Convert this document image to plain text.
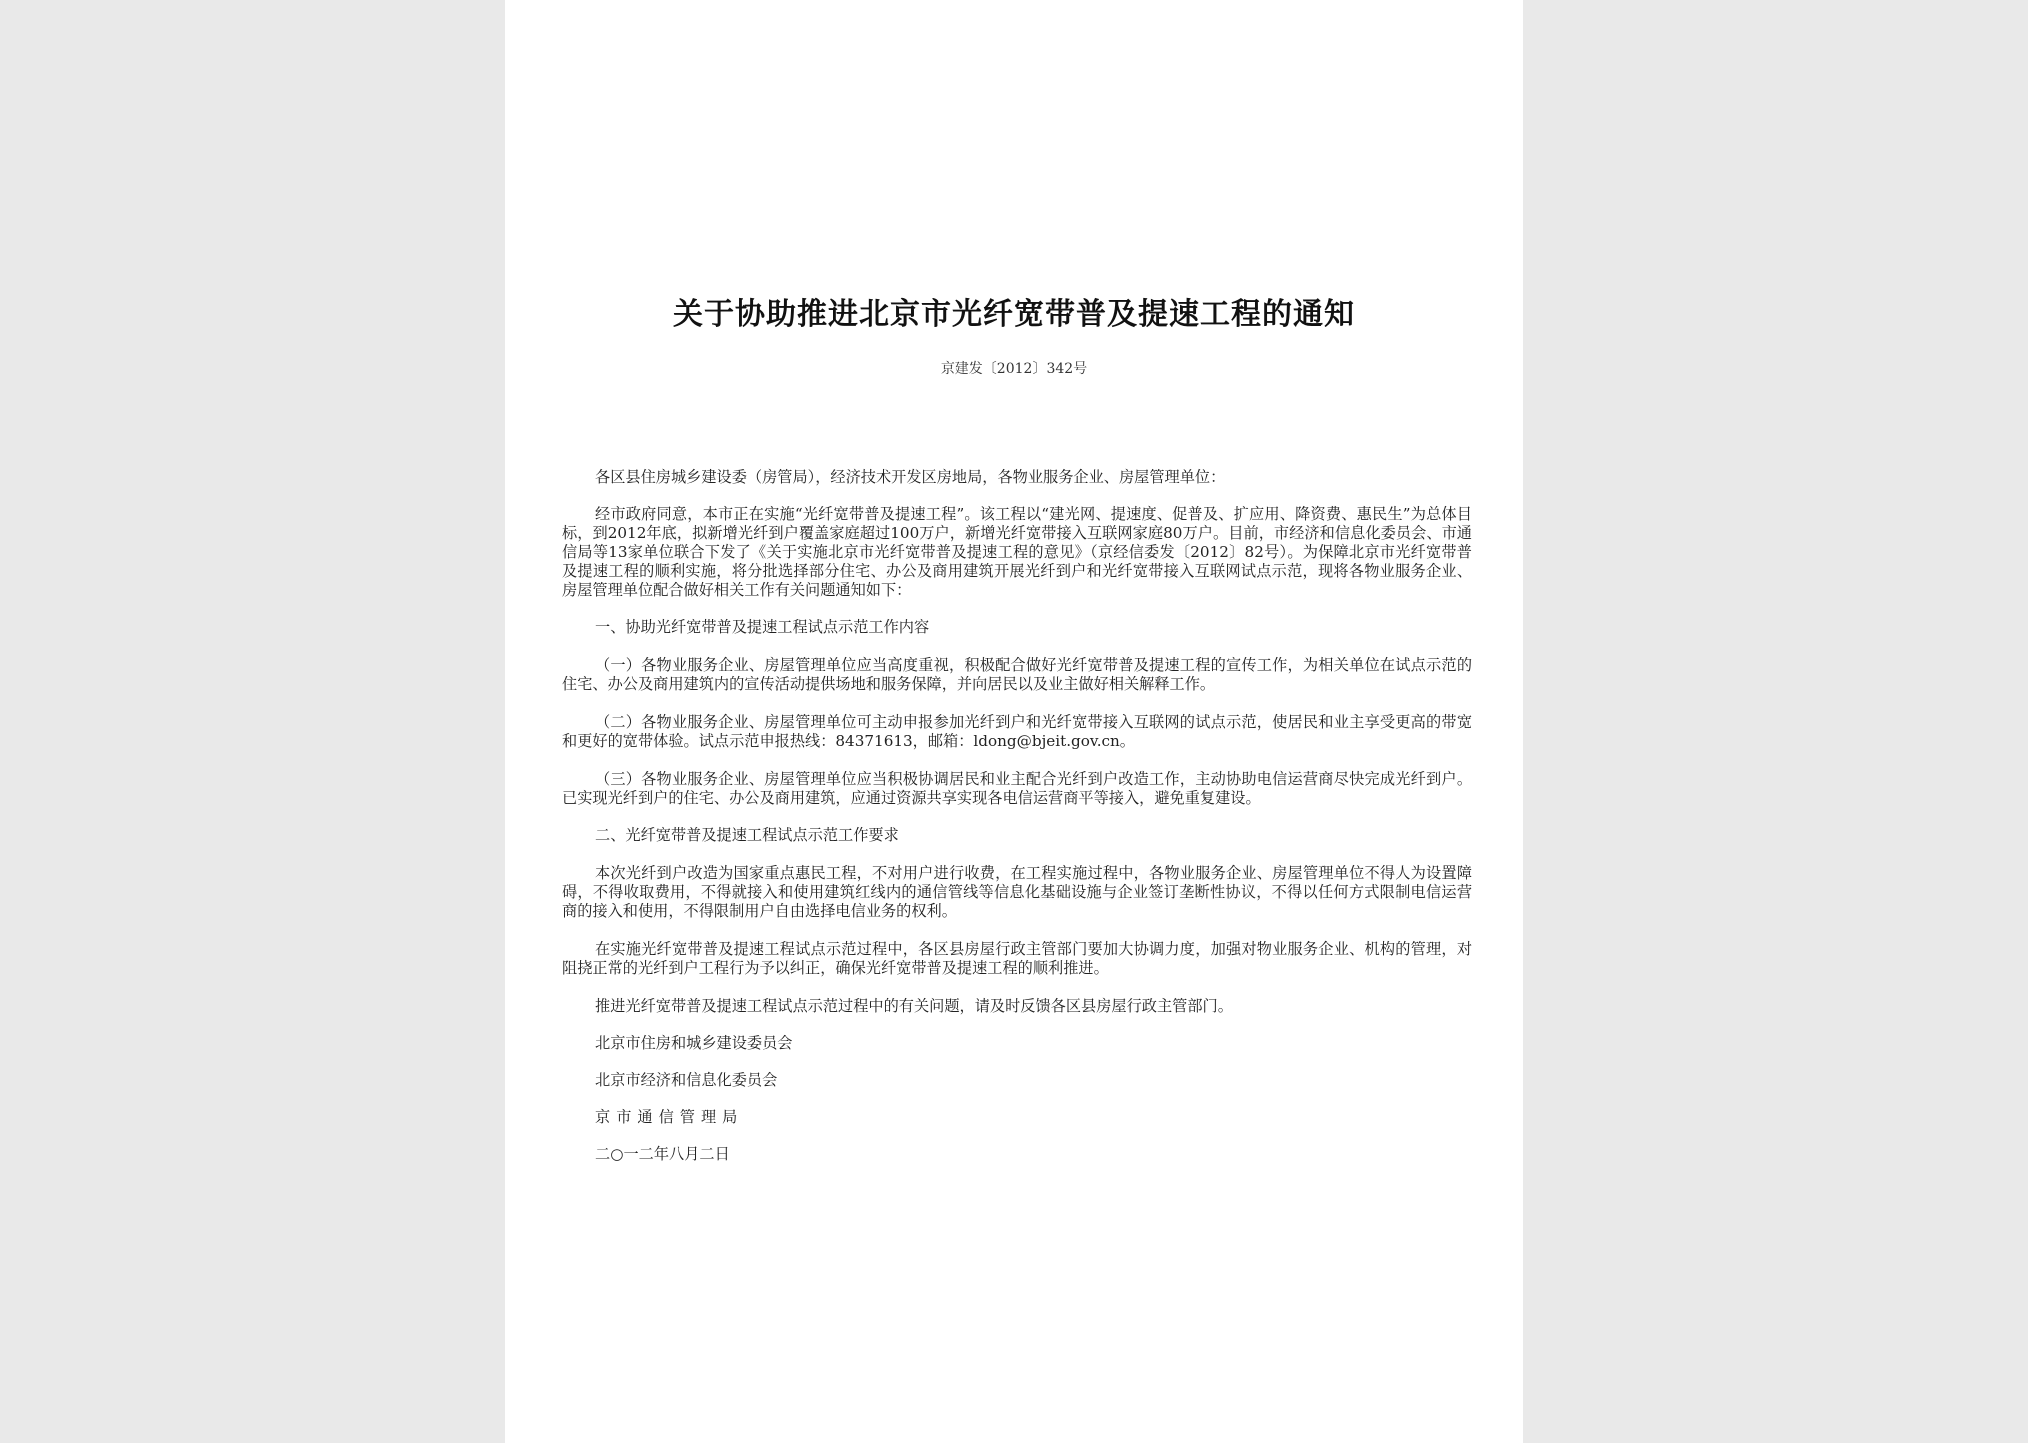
关于协助推进北京市光纤宽带普及提速工程的通知
京建发〔2012〕342号

各区县住房城乡建设委（房管局），经济技术开发区房地局，各物业服务企业、房屋管理单位：

经市政府同意，本市正在实施“光纤宽带普及提速工程”。该工程以“建光网、提速度、促普及、扩应用、降资费、惠民生”为总体目标，到2012年底，拟新增光纤到户覆盖家庭超过100万户，新增光纤宽带接入互联网家庭80万户。目前，市经济和信息化委员会、市通信局等13家单位联合下发了《关于实施北京市光纤宽带普及提速工程的意见》（京经信委发〔2012〕82号）。为保障北京市光纤宽带普及提速工程的顺利实施，将分批选择部分住宅、办公及商用建筑开展光纤到户和光纤宽带接入互联网试点示范，现将各物业服务企业、房屋管理单位配合做好相关工作有关问题通知如下：

一、协助光纤宽带普及提速工程试点示范工作内容

（一）各物业服务企业、房屋管理单位应当高度重视，积极配合做好光纤宽带普及提速工程的宣传工作，为相关单位在试点示范的住宅、办公及商用建筑内的宣传活动提供场地和服务保障，并向居民以及业主做好相关解释工作。

（二）各物业服务企业、房屋管理单位可主动申报参加光纤到户和光纤宽带接入互联网的试点示范，使居民和业主享受更高的带宽和更好的宽带体验。试点示范申报热线：84371613，邮箱：ldong@bjeit.gov.cn。

（三）各物业服务企业、房屋管理单位应当积极协调居民和业主配合光纤到户改造工作，主动协助电信运营商尽快完成光纤到户。已实现光纤到户的住宅、办公及商用建筑，应通过资源共享实现各电信运营商平等接入，避免重复建设。

二、光纤宽带普及提速工程试点示范工作要求

本次光纤到户改造为国家重点惠民工程，不对用户进行收费，在工程实施过程中，各物业服务企业、房屋管理单位不得人为设置障碍，不得收取费用，不得就接入和使用建筑红线内的通信管线等信息化基础设施与企业签订垄断性协议，不得以任何方式限制电信运营商的接入和使用，不得限制用户自由选择电信业务的权利。

在实施光纤宽带普及提速工程试点示范过程中，各区县房屋行政主管部门要加大协调力度，加强对物业服务企业、机构的管理，对阻挠正常的光纤到户工程行为予以纠正，确保光纤宽带普及提速工程的顺利推进。

推进光纤宽带普及提速工程试点示范过程中的有关问题，请及时反馈各区县房屋行政主管部门。

北京市住房和城乡建设委员会

北京市经济和信息化委员会

京市通信管理局

二○一二年八月二日
